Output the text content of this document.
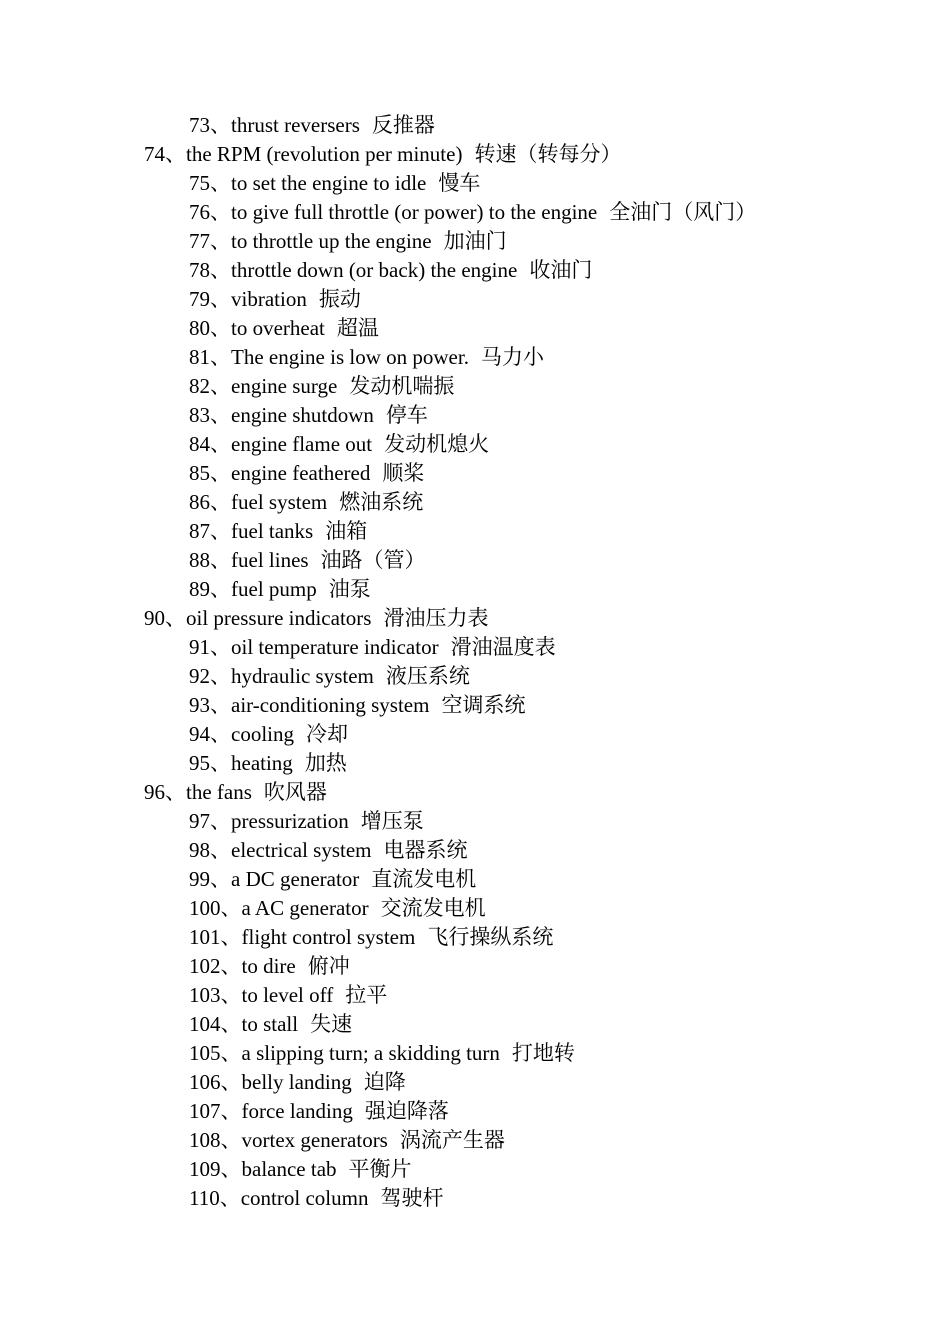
73、thrust reversers 反推器
74、the RPM (revolution per minute) 转速（转每分）
75、to set the engine to idle 慢车
76、to give full throttle (or power) to the engine 全油门（风门）
77、to throttle up the engine 加油门
78、throttle down (or back) the engine 收油门
79、vibration 振动
80、to overheat 超温
81、The engine is low on power. 马力小
82、engine surge 发动机喘振
83、engine shutdown 停车
84、engine flame out 发动机熄火
85、engine feathered 顺桨
86、fuel system 燃油系统
87、fuel tanks 油箱
88、fuel lines 油路（管）
89、fuel pump 油泵
90、oil pressure indicators 滑油压力表
91、oil temperature indicator 滑油温度表
92、hydraulic system 液压系统
93、air-conditioning system 空调系统
94、cooling 冷却
95、heating 加热
96、the fans 吹风器
97、pressurization 增压泵
98、electrical system 电器系统
99、a DC generator 直流发电机
100、a AC generator 交流发电机
101、flight control system 飞行操纵系统
102、to dire 俯冲
103、to level off 拉平
104、to stall 失速
105、a slipping turn; a skidding turn 打地转
106、belly landing 迫降
107、force landing 强迫降落
108、vortex generators 涡流产生器
109、balance tab 平衡片
110、control column 驾驶杆
